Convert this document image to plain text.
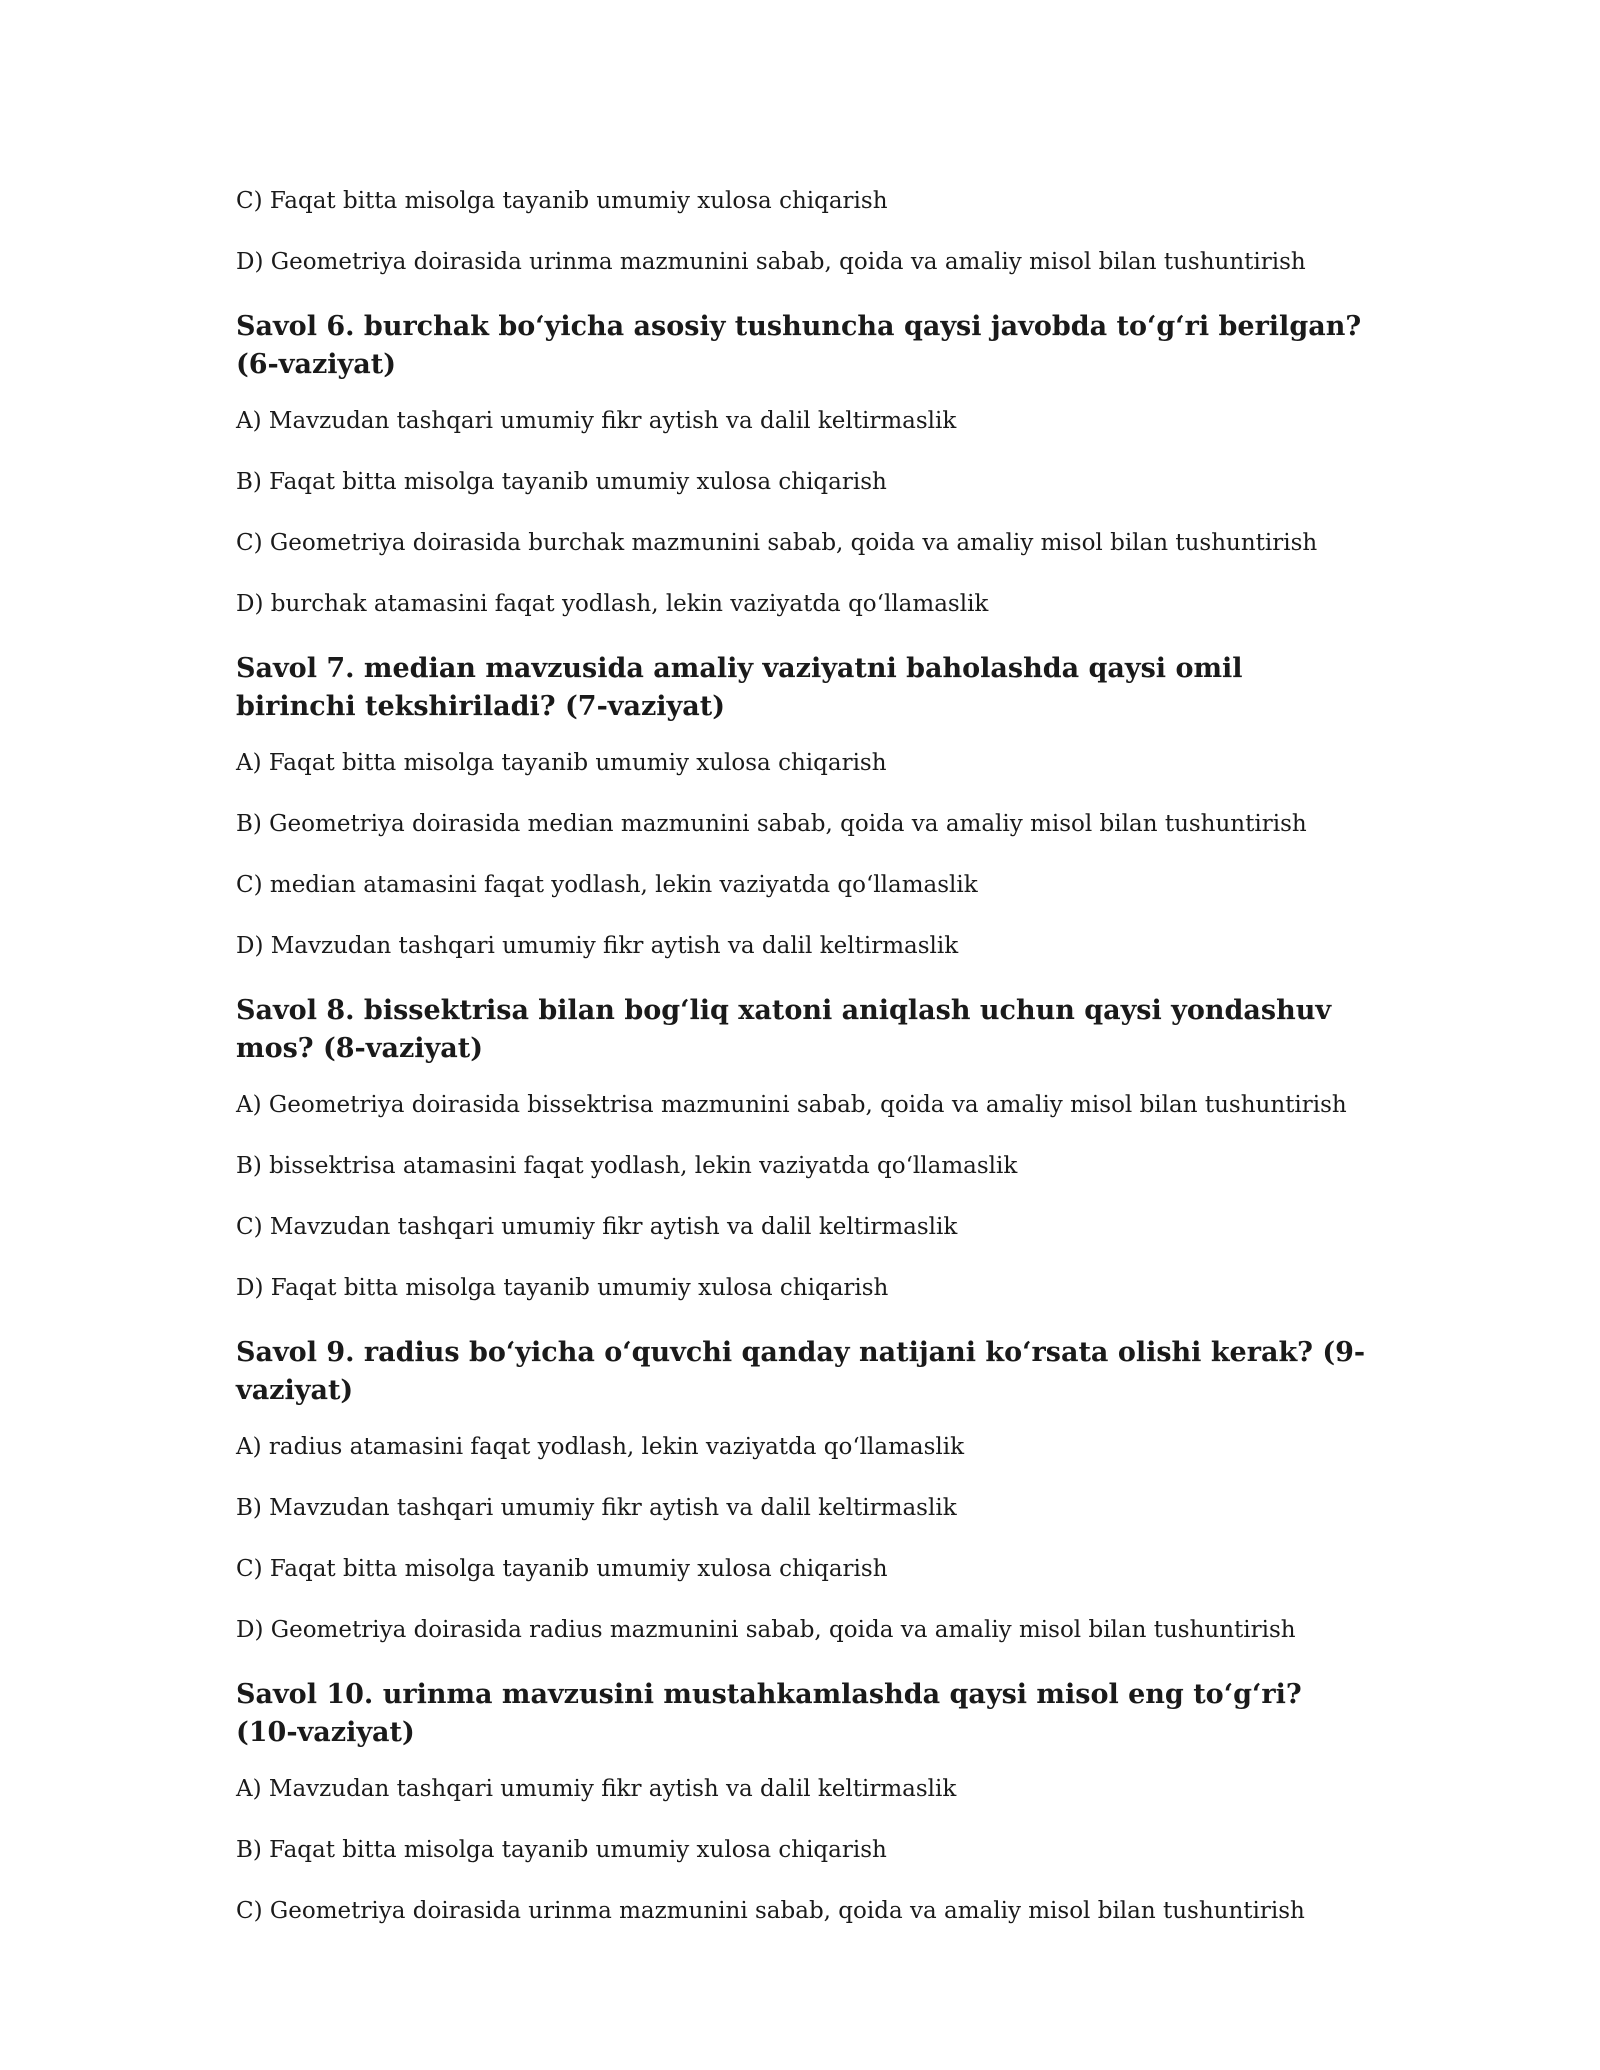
C) Faqat bitta misolga tayanib umumiy xulosa chiqarish

D) Geometriya doirasida urinma mazmunini sabab, qoida va amaliy misol bilan tushuntirish

Savol 6. burchak bo‘yicha asosiy tushuncha qaysi javobda to‘g‘ri berilgan? (6-vaziyat)

A) Mavzudan tashqari umumiy fikr aytish va dalil keltirmaslik

B) Faqat bitta misolga tayanib umumiy xulosa chiqarish

C) Geometriya doirasida burchak mazmunini sabab, qoida va amaliy misol bilan tushuntirish

D) burchak atamasini faqat yodlash, lekin vaziyatda qo‘llamaslik

Savol 7. median mavzusida amaliy vaziyatni baholashda qaysi omil birinchi tekshiriladi? (7-vaziyat)

A) Faqat bitta misolga tayanib umumiy xulosa chiqarish

B) Geometriya doirasida median mazmunini sabab, qoida va amaliy misol bilan tushuntirish

C) median atamasini faqat yodlash, lekin vaziyatda qo‘llamaslik

D) Mavzudan tashqari umumiy fikr aytish va dalil keltirmaslik

Savol 8. bissektrisa bilan bog‘liq xatoni aniqlash uchun qaysi yondashuv mos? (8-vaziyat)

A) Geometriya doirasida bissektrisa mazmunini sabab, qoida va amaliy misol bilan tushuntirish

B) bissektrisa atamasini faqat yodlash, lekin vaziyatda qo‘llamaslik

C) Mavzudan tashqari umumiy fikr aytish va dalil keltirmaslik

D) Faqat bitta misolga tayanib umumiy xulosa chiqarish

Savol 9. radius bo‘yicha o‘quvchi qanday natijani ko‘rsata olishi kerak? (9-vaziyat)

A) radius atamasini faqat yodlash, lekin vaziyatda qo‘llamaslik

B) Mavzudan tashqari umumiy fikr aytish va dalil keltirmaslik

C) Faqat bitta misolga tayanib umumiy xulosa chiqarish

D) Geometriya doirasida radius mazmunini sabab, qoida va amaliy misol bilan tushuntirish

Savol 10. urinma mavzusini mustahkamlashda qaysi misol eng to‘g‘ri? (10-vaziyat)

A) Mavzudan tashqari umumiy fikr aytish va dalil keltirmaslik

B) Faqat bitta misolga tayanib umumiy xulosa chiqarish

C) Geometriya doirasida urinma mazmunini sabab, qoida va amaliy misol bilan tushuntirish
